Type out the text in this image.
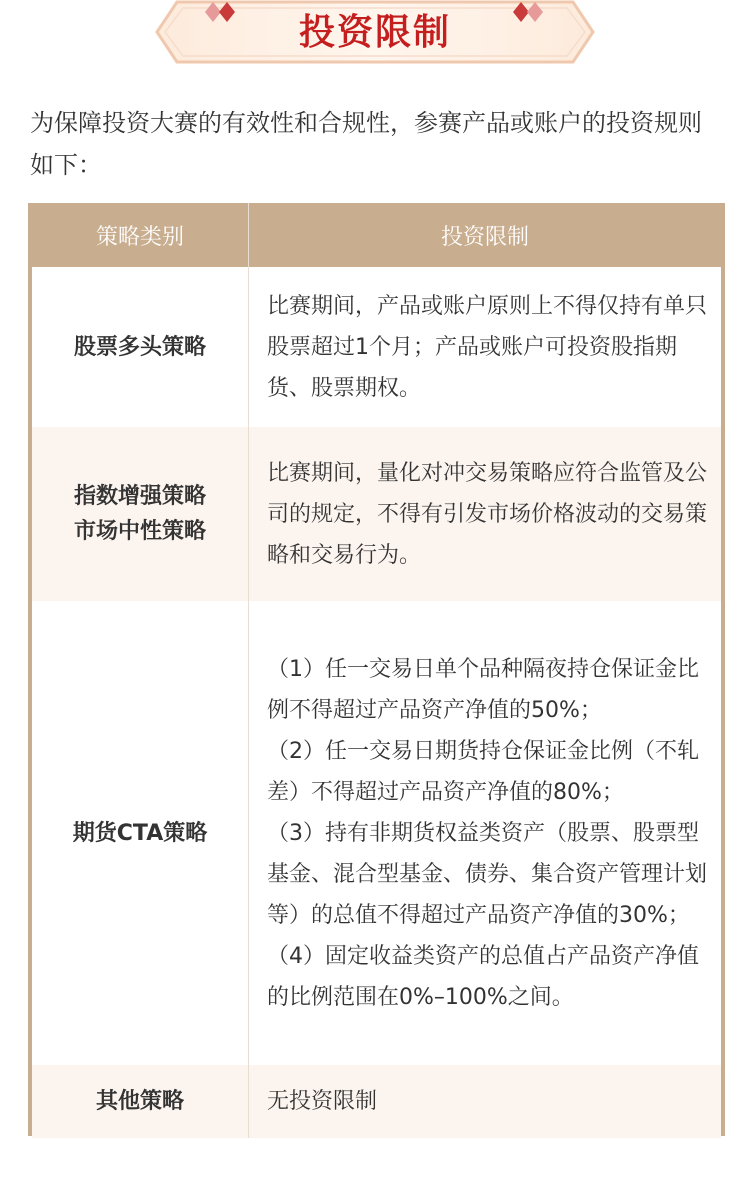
投资限制
为保障投资大赛的有效性和合规性，参赛产品或账户的投资规则如下：
策略类别	投资限制
股票多头策略	比赛期间，产品或账户原则上不得仅持有单只股票超过1个月；产品或账户可投资股指期货、股票期权。

指数增强策略
市场中性策略	比赛期间，量化对冲交易策略应符合监管及公司的规定，不得有引发市场价格波动的交易策略和交易行为。

期货CTA策略	（1）任一交易日单个品种隔夜持仓保证金比例不得超过产品资产净值的50%；
（2）任一交易日期货持仓保证金比例（不轧差）不得超过产品资产净值的80%；
（3）持有非期货权益类资产（股票、股票型基金、混合型基金、债券、集合资产管理计划等）的总值不得超过产品资产净值的30%；
（4）固定收益类资产的总值占产品资产净值的比例范围在0%–100%之间。

其他策略	无投资限制
